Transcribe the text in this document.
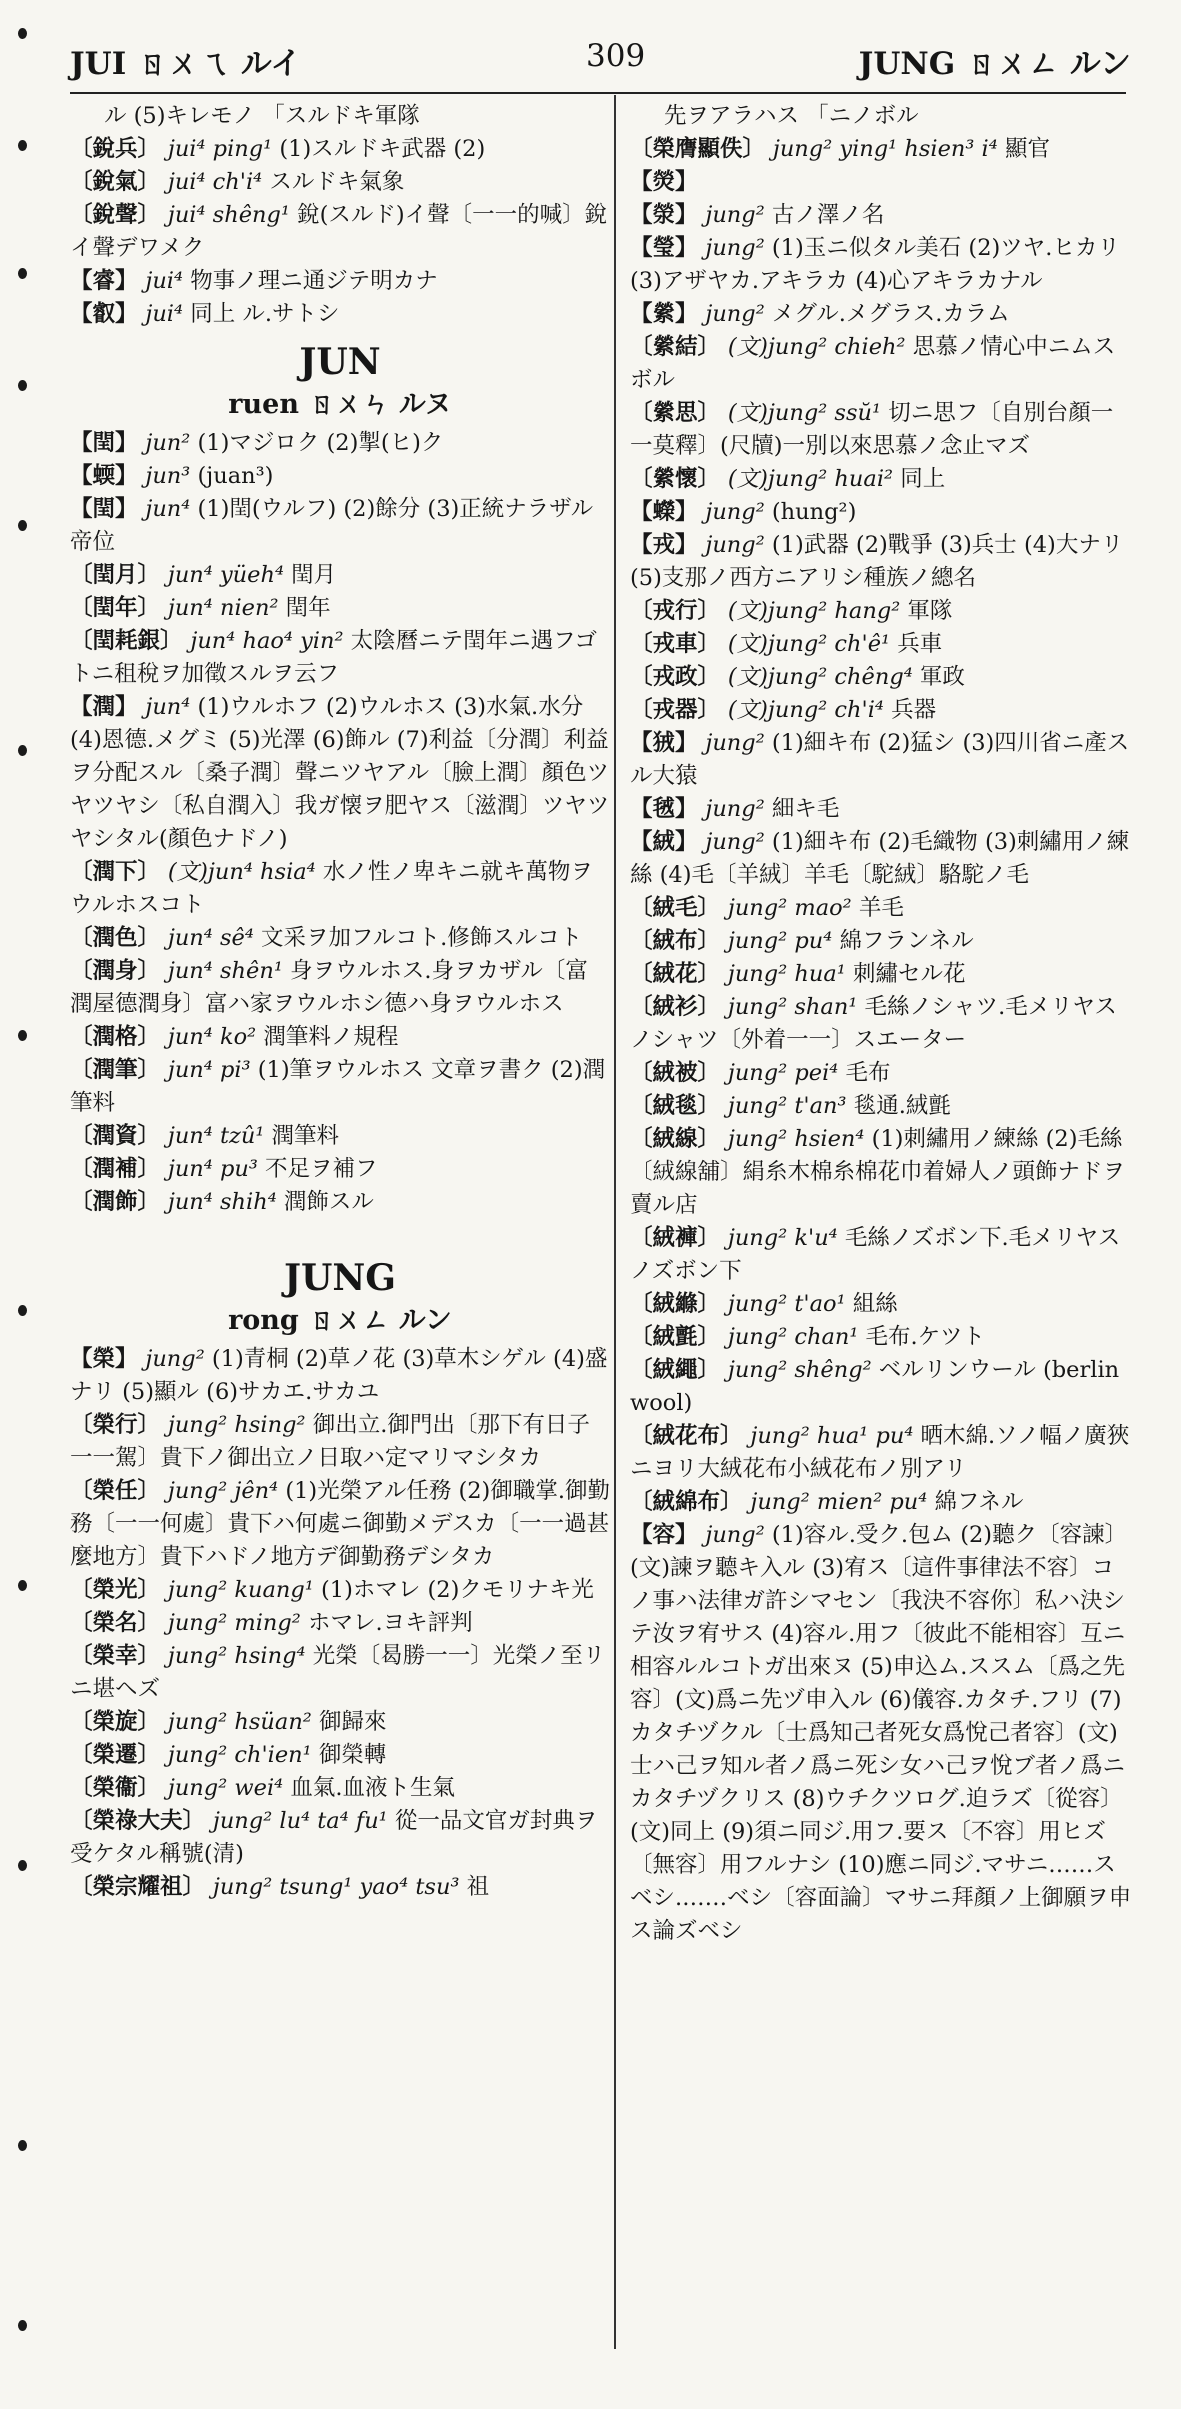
JUI ㄖㄨㄟ ルイ	309	JUNG ㄖㄨㄥ ルン
ル (5)キレモノ 「スルドキ軍隊
〔銳兵〕 jui⁴ ping¹ (1)スルドキ武器 (2)
〔銳氣〕 jui⁴ ch'i⁴ スルドキ氣象
〔銳聲〕 jui⁴ shêng¹ 銳(スルド)イ聲〔一一的喊〕銳イ聲デワメク
【睿】 jui⁴ 物事ノ理ニ通ジテ明カナ
【叡】 jui⁴ 同上 ル.サトシ
JUN
ruen ㄖㄨㄣ ルヌ
【閏】 jun² (1)マジロク (2)掣(ヒ)ク
【蝡】 jun³ (juan³)
【閏】 jun⁴ (1)閏(ウルフ) (2)餘分 (3)正統ナラザル帝位
〔閏月〕 jun⁴ yüeh⁴ 閏月
〔閏年〕 jun⁴ nien² 閏年
〔閏耗銀〕 jun⁴ hao⁴ yin² 太陰曆ニテ閏年ニ遇フゴトニ租稅ヲ加徵スルヲ云フ
【潤】 jun⁴ (1)ウルホフ (2)ウルホス (3)水氣.水分 (4)恩德.メグミ (5)光澤 (6)飾ル (7)利益〔分潤〕利益ヲ分配スル〔桑子潤〕聲ニツヤアル〔臉上潤〕顏色ツヤツヤシ〔私自潤入〕我ガ懐ヲ肥ヤス〔滋潤〕ツヤツヤシタル(顏色ナドノ)
〔潤下〕 (文)jun⁴ hsia⁴ 水ノ性ノ卑キニ就キ萬物ヲウルホスコト
〔潤色〕 jun⁴ sê⁴ 文采ヲ加フルコト.修飾スルコト
〔潤身〕 jun⁴ shên¹ 身ヲウルホス.身ヲカザル〔富潤屋德潤身〕富ハ家ヲウルホシ德ハ身ヲウルホス
〔潤格〕 jun⁴ ko² 潤筆料ノ規程
〔潤筆〕 jun⁴ pi³ (1)筆ヲウルホス 文章ヲ書ク (2)潤筆料
〔潤資〕 jun⁴ tzû¹ 潤筆料
〔潤補〕 jun⁴ pu³ 不足ヲ補フ
〔潤飾〕 jun⁴ shih⁴ 潤飾スル
JUNG
rong ㄖㄨㄥ ルン
【榮】 jung² (1)青桐 (2)草ノ花 (3)草木シゲル (4)盛ナリ (5)顯ル (6)サカエ.サカユ
〔榮行〕 jung² hsing² 御出立.御門出〔那下有日子一一駕〕貴下ノ御出立ノ日取ハ定マリマシタカ
〔榮任〕 jung² jên⁴ (1)光榮アル任務 (2)御職掌.御勤務〔一一何處〕貴下ハ何處ニ御勤メデスカ〔一一過甚麼地方〕貴下ハドノ地方デ御勤務デシタカ
〔榮光〕 jung² kuang¹ (1)ホマレ (2)クモリナキ光
〔榮名〕 jung² ming² ホマレ.ヨキ評判
〔榮幸〕 jung² hsing⁴ 光榮〔曷勝一一〕光榮ノ至リニ堪ヘズ
〔榮旋〕 jung² hsüan² 御歸來
〔榮遷〕 jung² ch'ien¹ 御榮轉
〔榮衞〕 jung² wei⁴ 血氣.血液ト生氣
〔榮祿大夫〕 jung² lu⁴ ta⁴ fu¹ 從一品文官ガ封典ヲ受ケタル稱號(清)
〔榮宗耀祖〕 jung² tsung¹ yao⁴ tsu³ 祖
先ヲアラハス 「ニノボル
〔榮膺顯佚〕 jung² ying¹ hsien³ i⁴ 顯官
【熒】
【滎】 jung² 古ノ澤ノ名
【瑩】 jung² (1)玉ニ似タル美石 (2)ツヤ.ヒカリ (3)アザヤカ.アキラカ (4)心アキラカナル
【縈】 jung² メグル.メグラス.カラム
〔縈結〕 (文)jung² chieh² 思慕ノ情心中ニムスボル
〔縈思〕 (文)jung² ssŭ¹ 切ニ思フ〔自別台顏一一莫釋〕(尺牘)一別以來思慕ノ念止マズ
〔縈懷〕 (文)jung² huai² 同上
【蠑】 jung² (hung²)
【戎】 jung² (1)武器 (2)戰爭 (3)兵士 (4)大ナリ (5)支那ノ西方ニアリシ種族ノ總名
〔戎行〕 (文)jung² hang² 軍隊
〔戎車〕 (文)jung² ch'ê¹ 兵車
〔戎政〕 (文)jung² chêng⁴ 軍政
〔戎器〕 (文)jung² ch'i⁴ 兵器
【狨】 jung² (1)細キ布 (2)猛シ (3)四川省ニ產スル大猿
【毧】 jung² 細キ毛
【絨】 jung² (1)細キ布 (2)毛織物 (3)刺繡用ノ練絲 (4)毛〔羊絨〕羊毛〔駝絨〕駱駝ノ毛
〔絨毛〕 jung² mao² 羊毛
〔絨布〕 jung² pu⁴ 綿フランネル
〔絨花〕 jung² hua¹ 刺繡セル花
〔絨衫〕 jung² shan¹ 毛絲ノシャツ.毛メリヤスノシャツ〔外着一一〕スエーター
〔絨被〕 jung² pei⁴ 毛布
〔絨毯〕 jung² t'an³ 毯通.絨氈
〔絨線〕 jung² hsien⁴ (1)刺繡用ノ練絲 (2)毛絲〔絨線舖〕絹糸木棉糸棉花巾着婦人ノ頭飾ナドヲ賣ル店
〔絨褲〕 jung² k'u⁴ 毛絲ノズボン下.毛メリヤスノズボン下
〔絨縧〕 jung² t'ao¹ 組絲
〔絨氈〕 jung² chan¹ 毛布.ケツト
〔絨繩〕 jung² shêng² ベルリンウール (berlin wool)
〔絨花布〕 jung² hua¹ pu⁴ 晒木綿.ソノ幅ノ廣狹ニヨリ大絨花布小絨花布ノ別アリ
〔絨綿布〕 jung² mien² pu⁴ 綿フネル
【容】 jung² (1)容ル.受ク.包ム (2)聽ク〔容諫〕(文)諫ヲ聽キ入ル (3)宥ス〔這件事律法不容〕コノ事ハ法律ガ許シマセン〔我決不容你〕私ハ決シテ汝ヲ宥サス (4)容ル.用フ〔彼此不能相容〕互ニ相容ルルコトガ出來ヌ (5)申込ム.ススム〔爲之先容〕(文)爲ニ先ヅ申入ル (6)儀容.カタチ.フリ (7)カタチヅクル〔士爲知己者死女爲悅己者容〕(文)士ハ己ヲ知ル者ノ爲ニ死シ女ハ己ヲ悅ブ者ノ爲ニカタチヅクリス (8)ウチクツログ.迫ラズ〔從容〕(文)同上 (9)須ニ同ジ.用フ.要ス〔不容〕用ヒズ〔無容〕用フルナシ (10)應ニ同ジ.マサニ……スベシ.……ベシ〔容面論〕マサニ拜顏ノ上御願ヲ申ス論ズベシ
